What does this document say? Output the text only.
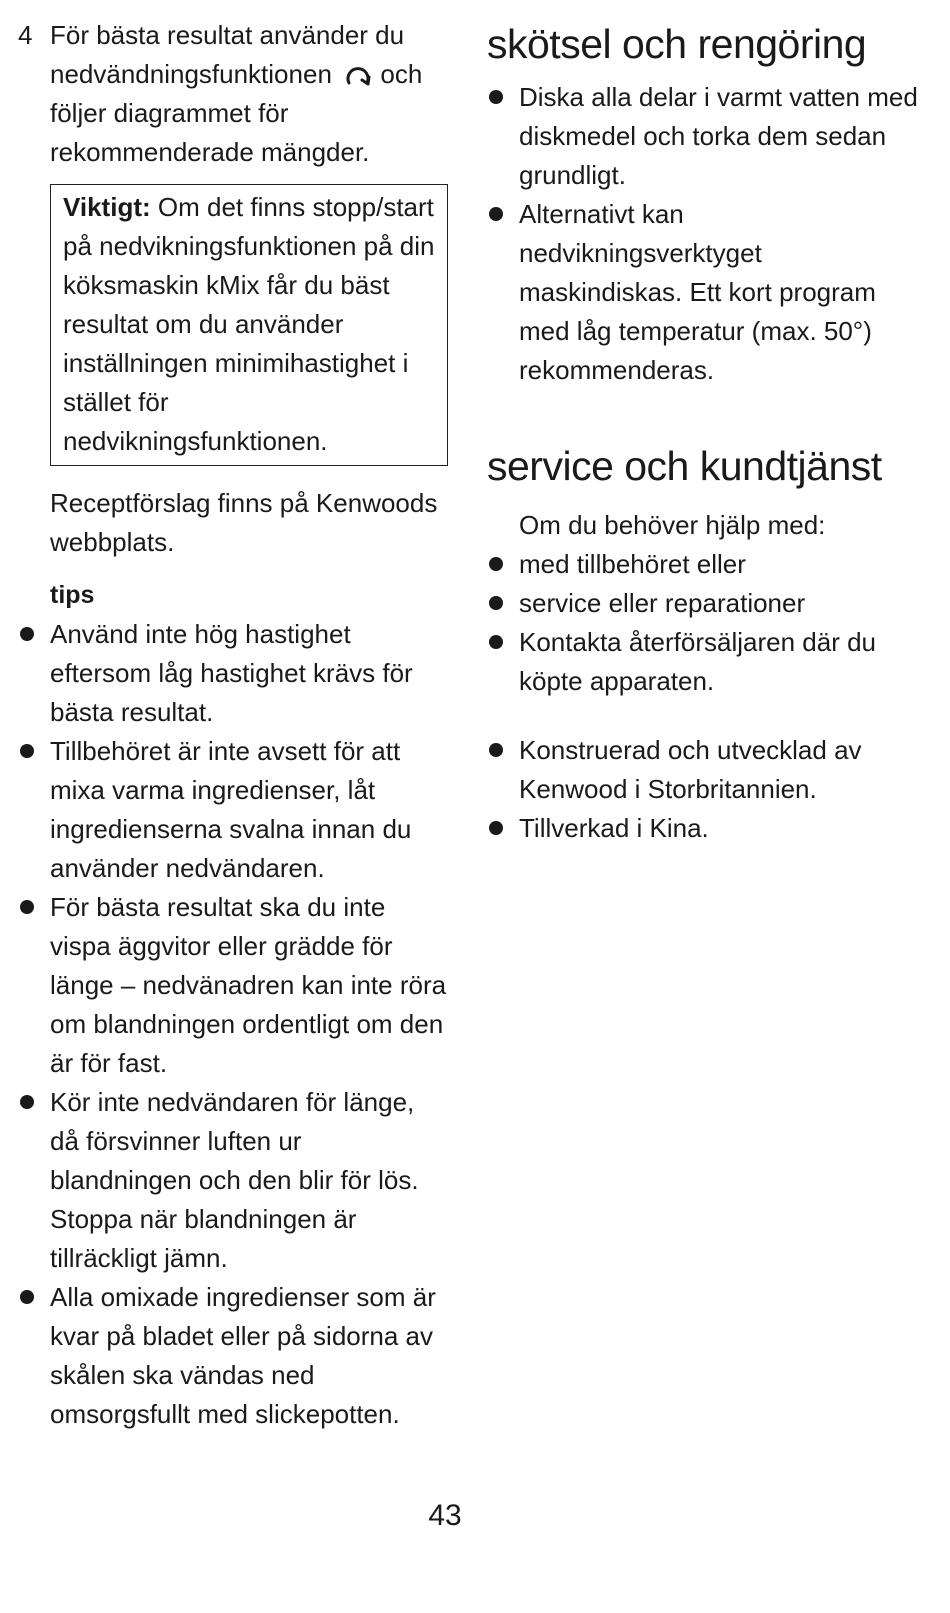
4 För bästa resultat använder du nedvändningsfunktionen och följer diagrammet för rekommenderade mängder.
Viktigt: Om det finns stopp/start på nedvikningsfunktionen på din köksmaskin kMix får du bäst resultat om du använder inställningen minimihastighet i stället för nedvikningsfunktionen.
Receptförslag finns på Kenwoods webbplats.
tips
Använd inte hög hastighet eftersom låg hastighet krävs för bästa resultat.
Tillbehöret är inte avsett för att mixa varma ingredienser, låt ingredienserna svalna innan du använder nedvändaren.
För bästa resultat ska du inte vispa äggvitor eller grädde för länge – nedvänadren kan inte röra om blandningen ordentligt om den är för fast.
Kör inte nedvändaren för länge, då försvinner luften ur blandningen och den blir för lös. Stoppa när blandningen är tillräckligt jämn.
Alla omixade ingredienser som är kvar på bladet eller på sidorna av skålen ska vändas ned omsorgsfullt med slickepotten.
skötsel och rengöring
Diska alla delar i varmt vatten med diskmedel och torka dem sedan grundligt.
Alternativt kan nedvikningsverktyget maskindiskas. Ett kort program med låg temperatur (max. 50°) rekommenderas.
service och kundtjänst
Om du behöver hjälp med:
med tillbehöret eller
service eller reparationer
Kontakta återförsäljaren där du köpte apparaten.
Konstruerad och utvecklad av Kenwood i Storbritannien.
Tillverkad i Kina.
43
